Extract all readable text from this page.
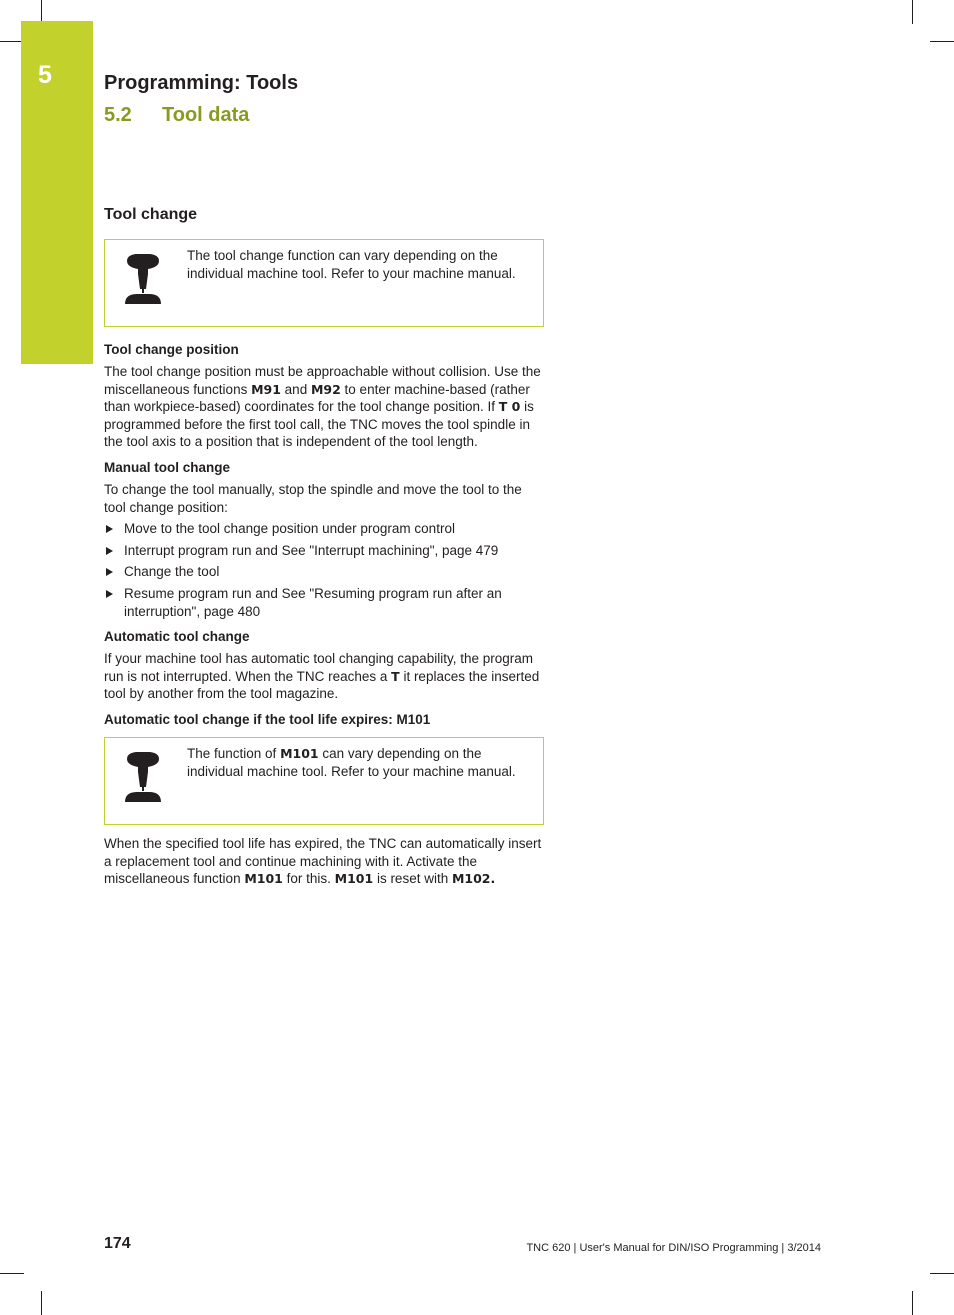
5	Programming: Tools
5.2 Tool data
Tool change
The tool change function can vary depending on the individual machine tool. Refer to your machine manual.
Tool change position
The tool change position must be approachable without collision. Use the miscellaneous functions M91 and M92 to enter machine-based (rather than workpiece-based) coordinates for the tool change position. If T 0 is programmed before the first tool call, the TNC moves the tool spindle in the tool axis to a position that is independent of the tool length.
Manual tool change
To change the tool manually, stop the spindle and move the tool to the tool change position:
Move to the tool change position under program control
Interrupt program run and See "Interrupt machining", page 479
Change the tool
Resume program run and See "Resuming program run after an interruption", page 480
Automatic tool change
If your machine tool has automatic tool changing capability, the program run is not interrupted. When the TNC reaches a T it replaces the inserted tool by another from the tool magazine.
Automatic tool change if the tool life expires: M101
The function of M101 can vary depending on the individual machine tool. Refer to your machine manual.
When the specified tool life has expired, the TNC can automatically insert a replacement tool and continue machining with it. Activate the miscellaneous function M101 for this. M101 is reset with M102.
174	TNC 620 | User's Manual for DIN/ISO Programming | 3/2014
